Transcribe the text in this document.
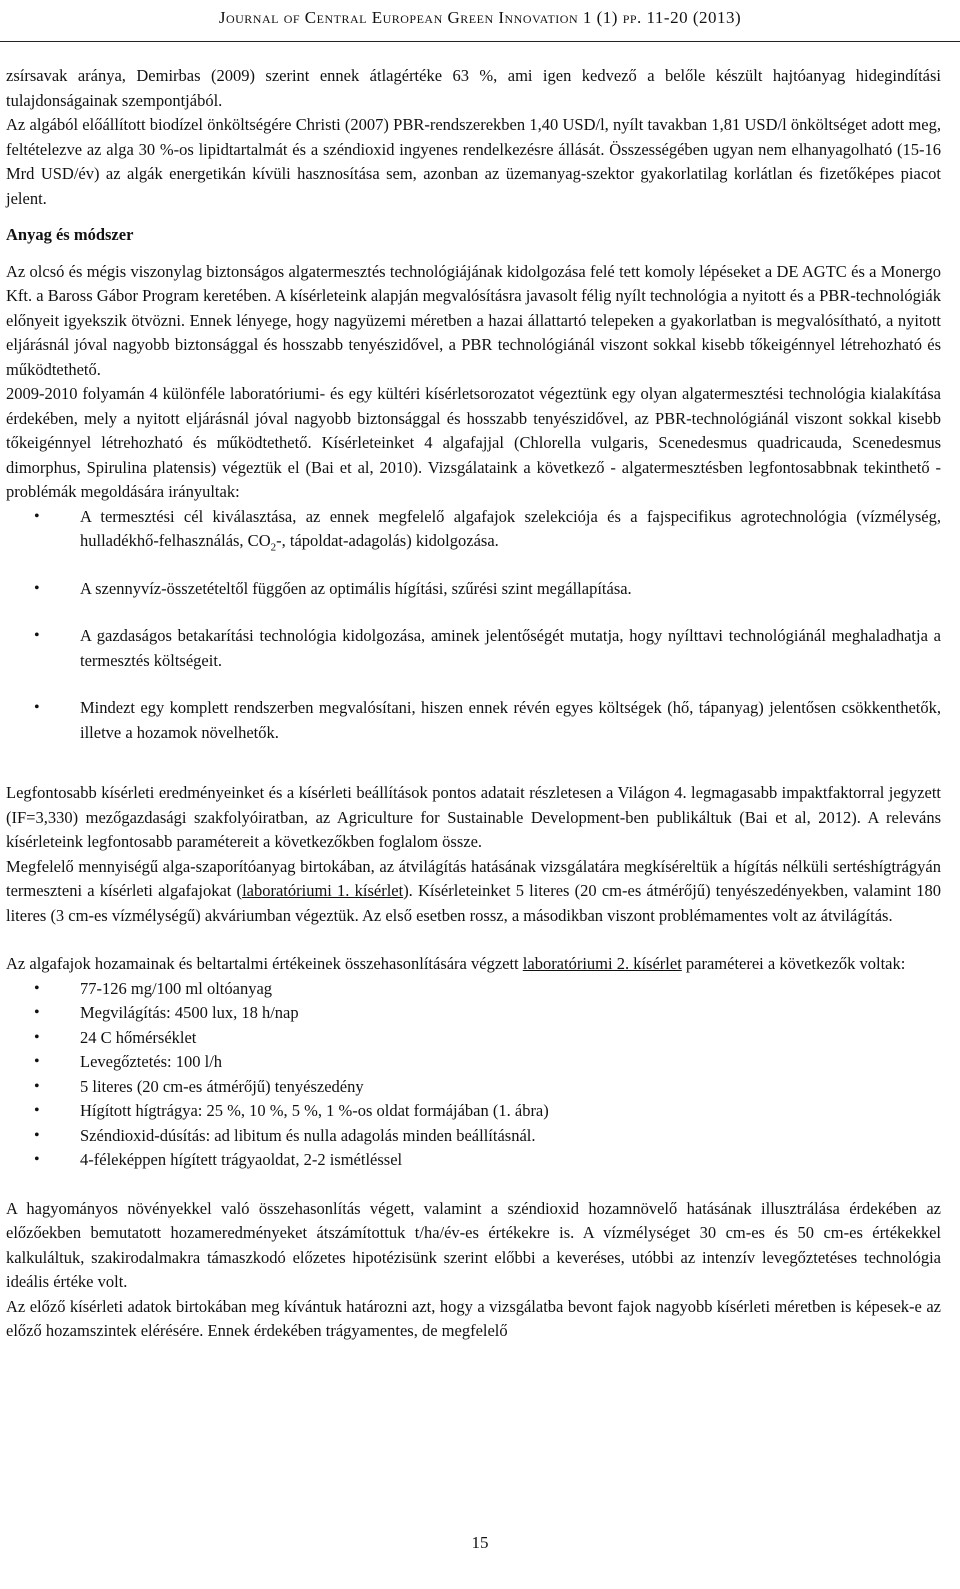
Journal of Central European Green Innovation 1 (1) pp. 11-20 (2013)

zsírsavak aránya, Demirbas (2009) szerint ennek átlagértéke 63 %, ami igen kedvező a belőle készült hajtóanyag hidegindítási tulajdonságainak szempontjából.

Az algából előállított biodízel önköltségére Christi (2007) PBR-rendszerekben 1,40 USD/l, nyílt tavakban 1,81 USD/l önköltséget adott meg, feltételezve az alga 30 %-os lipidtartalmát és a széndioxid ingyenes rendelkezésre állását. Összességében ugyan nem elhanyagolható (15-16 Mrd USD/év) az algák energetikán kívüli hasznosítása sem, azonban az üzemanyag-szektor gyakorlatilag korlátlan és fizetőképes piacot jelent.

Anyag és módszer

Az olcsó és mégis viszonylag biztonságos algatermesztés technológiájának kidolgozása felé tett komoly lépéseket a DE AGTC és a Monergo Kft. a Baross Gábor Program keretében. A kísérleteink alapján megvalósításra javasolt félig nyílt technológia a nyitott és a PBR-technológiák előnyeit igyekszik ötvözni. Ennek lényege, hogy nagyüzemi méretben a hazai állattartó telepeken a gyakorlatban is megvalósítható, a nyitott eljárásnál jóval nagyobb biztonsággal és hosszabb tenyészidővel, a PBR technológiánál viszont sokkal kisebb tőkeigénnyel létrehozható és működtethető.

2009-2010 folyamán 4 különféle laboratóriumi- és egy kültéri kísérletsorozatot végeztünk egy olyan algatermesztési technológia kialakítása érdekében, mely a nyitott eljárásnál jóval nagyobb biztonsággal és hosszabb tenyészidővel, az PBR-technológiánál viszont sokkal kisebb tőkeigénnyel létrehozható és működtethető. Kísérleteinket 4 algafajjal (Chlorella vulgaris, Scenedesmus quadricauda, Scenedesmus dimorphus, Spirulina platensis) végeztük el (Bai et al, 2010). Vizsgálataink a következő - algatermesztésben legfontosabbnak tekinthető - problémák megoldására irányultak:

•	A termesztési cél kiválasztása, az ennek megfelelő algafajok szelekciója és a fajspecifikus agrotechnológia (vízmélység, hulladékhő-felhasználás, $CO_2-$, tápoldat-adagolás) kidolgozása.
•	A szennyvíz-összetételtől függően az optimális hígítási, szűrési szint megállapítása.
•	A gazdaságos betakarítási technológia kidolgozása, aminek jelentőségét mutatja, hogy nyílttavi technológiánál meghaladhatja a termesztés költségeit.
•	Mindezt egy komplett rendszerben megvalósítani, hiszen ennek révén egyes költségek (hő, tápanyag) jelentősen csökkenthetők, illetve a hozamok növelhetők.

Legfontosabb kísérleti eredményeinket és a kísérleti beállítások pontos adatait részletesen a Világon 4. legmagasabb impaktfaktorral jegyzett (IF=3,330) mezőgazdasági szakfolyóiratban, az Agriculture for Sustainable Development-ben publikáltuk (Bai et al, 2012). A releváns kísérleteink legfontosabb paramétereit a következőkben foglalom össze.

Megfelelő mennyiségű alga-szaporítóanyag birtokában, az átvilágítás hatásának vizsgálatára megkíséreltük a hígítás nélküli sertéshígtrágyán termeszteni a kísérleti algafajokat (laboratóriumi 1. kísérlet). Kísérleteinket 5 literes (20 cm-es átmérőjű) tenyészedényekben, valamint 180 literes (3 cm-es vízmélységű) akváriumban végeztük. Az első esetben rossz, a másodikban viszont problémamentes volt az átvilágítás.

Az algafajok hozamainak és beltartalmi értékeinek összehasonlítására végzett laboratóriumi 2. kísérlet paraméterei a következők voltak:

•	77-126 mg/100 ml oltóanyag
•	Megvilágítás: 4500 lux, 18 h/nap
•	24 C hőmérséklet
•	Levegőztetés: 100 l/h
•	5 literes (20 cm-es átmérőjű) tenyészedény
•	Hígított hígtrágya: 25 %, 10 %, 5 %, 1 %-os oldat formájában (1. ábra)
•	Széndioxid-dúsítás: ad libitum és nulla adagolás minden beállításnál.
•	4-féleképpen hígített trágyaoldat, 2-2 ismétléssel

A hagyományos növényekkel való összehasonlítás végett, valamint a széndioxid hozamnövelő hatásának illusztrálása érdekében az előzőekben bemutatott hozameredményeket átszámítottuk t/ha/év-es értékekre is. A vízmélységet 30 cm-es és 50 cm-es értékekkel kalkuláltuk, szakirodalmakra támaszkodó előzetes hipotézisünk szerint előbbi a keveréses, utóbbi az intenzív levegőztetéses technológia ideális értéke volt.

Az előző kísérleti adatok birtokában meg kívántuk határozni azt, hogy a vizsgálatba bevont fajok nagyobb kísérleti méretben is képesek-e az előző hozamszintek elérésére. Ennek érdekében trágyamentes, de megfelelő

15
